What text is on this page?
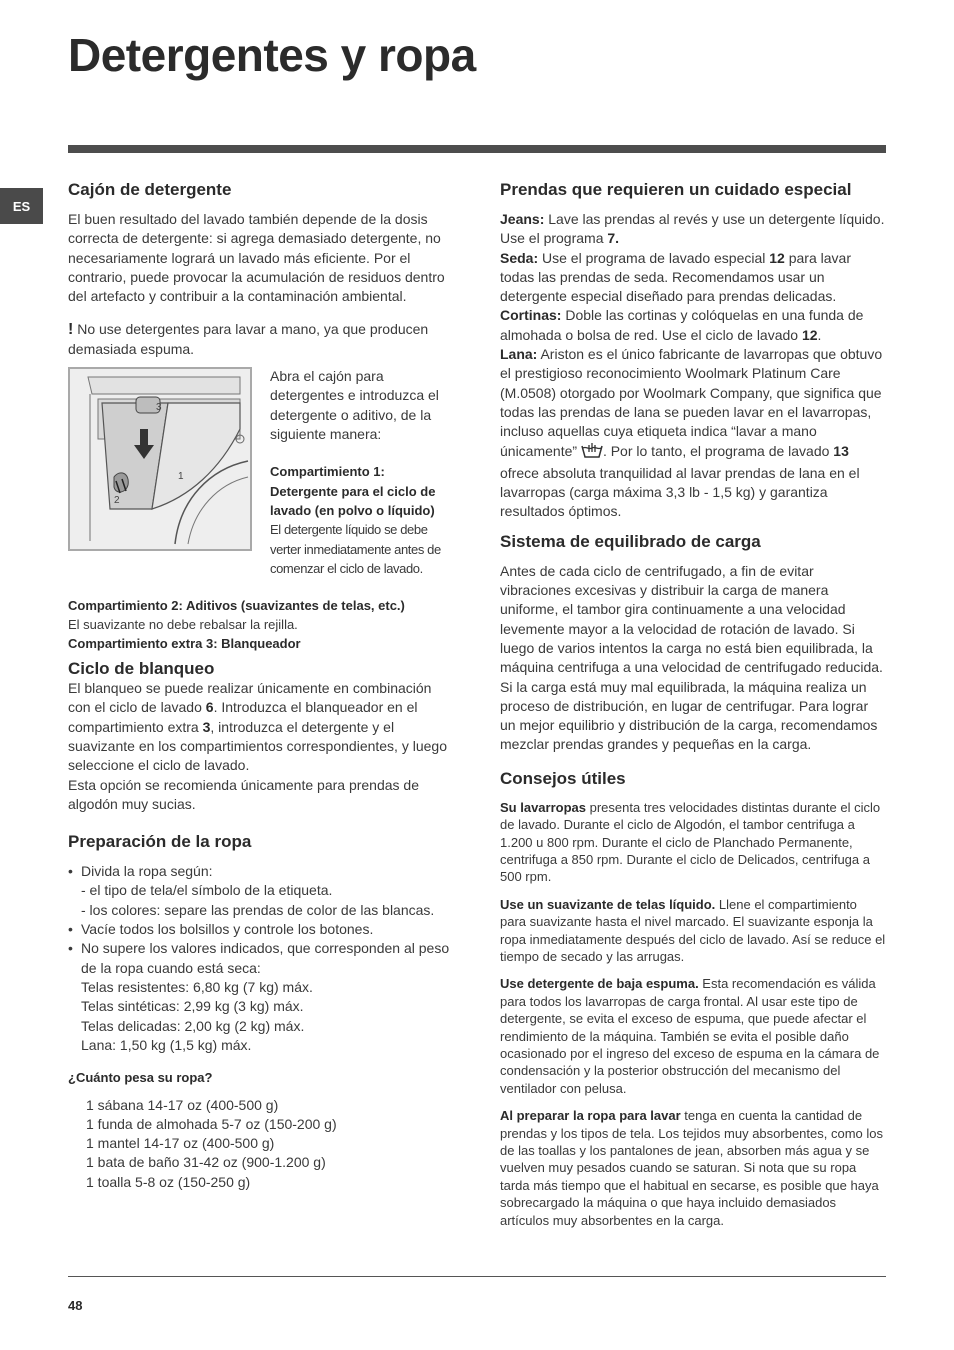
Detergentes y ropa
ES
Cajón de detergente

El buen resultado del lavado también depende de la dosis correcta de detergente: si agrega demasiado detergente, no necesariamente logrará un lavado más eficiente. Por el contrario, puede provocar la acumulación de residuos dentro del artefacto y contribuir a la contaminación ambiental.

! No use detergentes para lavar a mano, ya que producen demasiada espuma.

3
1
2

Abra el cajón para detergentes e introduzca el detergente o aditivo, de la siguiente manera:

Compartimiento 1: Detergente para el ciclo de lavado (en polvo o líquido)

El detergente líquido se debe verter inmediatamente antes de comenzar el ciclo de lavado.

Compartimiento 2: Aditivos (suavizantes de telas, etc.)

El suavizante no debe rebalsar la rejilla.

Compartimiento extra 3: Blanqueador

Ciclo de blanqueo

El blanqueo se puede realizar únicamente en combinación con el ciclo de lavado 6. Introduzca el blanqueador en el compartimiento extra 3, introduzca el detergente y el suavizante en los compartimientos correspondientes, y luego seleccione el ciclo de lavado.

Esta opción se recomienda únicamente para prendas de algodón muy sucias.

Preparación de la ropa

• Divida la ropa según:

- el tipo de tela/el símbolo de la etiqueta.

- los colores: separe las prendas de color de las blancas.

• Vacíe todos los bolsillos y controle los botones.

• No supere los valores indicados, que corresponden al peso de la ropa cuando está seca:

Telas resistentes: 6,80 kg (7 kg) máx.

Telas sintéticas: 2,99 kg (3 kg) máx.

Telas delicadas: 2,00 kg (2 kg) máx.

Lana: 1,50 kg (1,5 kg) máx.

¿Cuánto pesa su ropa?

1 sábana 14-17 oz (400-500 g)

1 funda de almohada 5-7 oz (150-200 g)

1 mantel 14-17 oz (400-500 g)

1 bata de baño 31-42 oz (900-1.200 g)

1 toalla 5-8 oz (150-250 g)

Prendas que requieren un cuidado especial

Jeans: Lave las prendas al revés y use un detergente líquido. Use el programa 7.

Seda: Use el programa de lavado especial 12 para lavar todas las prendas de seda. Recomendamos usar un detergente especial diseñado para prendas delicadas.

Cortinas: Doble las cortinas y colóquelas en una funda de almohada o bolsa de red. Use el ciclo de lavado 12.

Lana: Ariston es el único fabricante de lavarropas que obtuvo el prestigioso reconocimiento Woolmark Platinum Care (M.0508) otorgado por Woolmark Company, que significa que todas las prendas de lana se pueden lavar en el lavarropas, incluso aquellas cuya etiqueta indica “lavar a mano únicamente” . Por lo tanto, el programa de lavado 13 ofrece absoluta tranquilidad al lavar prendas de lana en el lavarropas (carga máxima 3,3 lb - 1,5 kg) y garantiza resultados óptimos.

Sistema de equilibrado de carga

Antes de cada ciclo de centrifugado, a fin de evitar vibraciones excesivas y distribuir la carga de manera uniforme, el tambor gira continuamente a una velocidad levemente mayor a la velocidad de rotación de lavado. Si luego de varios intentos la carga no está bien equilibrada, la máquina centrifuga a una velocidad de centrifugado reducida. Si la carga está muy mal equilibrada, la máquina realiza un proceso de distribución, en lugar de centrifugar. Para lograr un mejor equilibrio y distribución de la carga, recomendamos mezclar prendas grandes y pequeñas en la carga.

Consejos útiles

Su lavarropas presenta tres velocidades distintas durante el ciclo de lavado. Durante el ciclo de Algodón, el tambor centrifuga a 1.200 u 800 rpm. Durante el ciclo de Planchado Permanente, centrifuga a 850 rpm. Durante el ciclo de Delicados, centrifuga a 500 rpm.

Use un suavizante de telas líquido. Llene el compartimiento para suavizante hasta el nivel marcado. El suavizante esponja la ropa inmediatamente después del ciclo de lavado. Así se reduce el tiempo de secado y las arrugas.

Use detergente de baja espuma. Esta recomendación es válida para todos los lavarropas de carga frontal. Al usar este tipo de detergente, se evita el exceso de espuma, que puede afectar el rendimiento de la máquina. También se evita el posible daño ocasionado por el ingreso del exceso de espuma en la cámara de condensación y la posterior obstrucción del mecanismo del ventilador con pelusa.

Al preparar la ropa para lavar tenga en cuenta la cantidad de prendas y los tipos de tela. Los tejidos muy absorbentes, como los de las toallas y los pantalones de jean, absorben más agua y se vuelven muy pesados cuando se saturan. Si nota que su ropa tarda más tiempo que el habitual en secarse, es posible que haya sobrecargado la máquina o que haya incluido demasiados artículos muy absorbentes en la carga.

48
